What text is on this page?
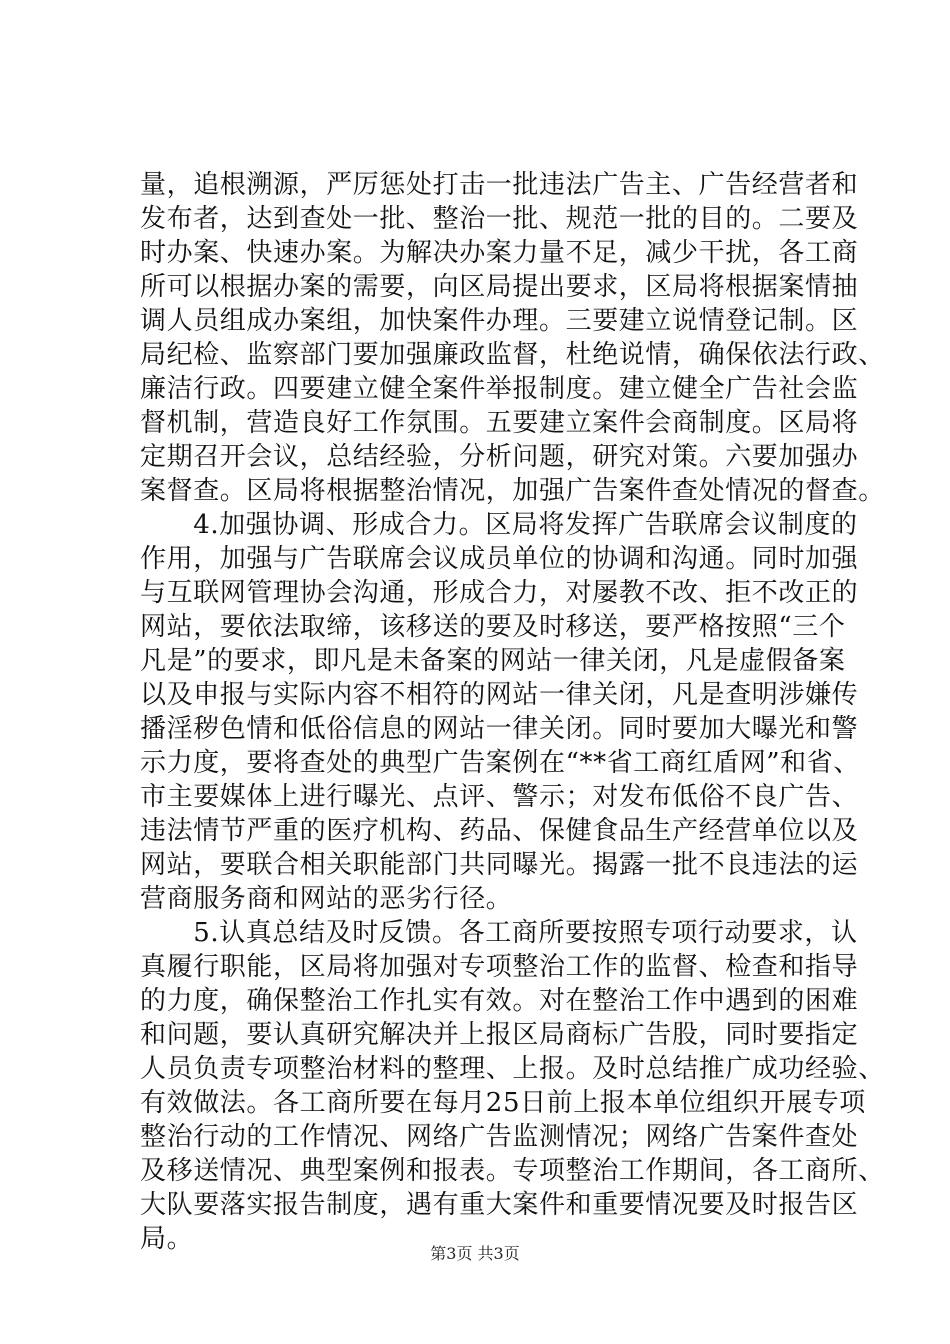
量，追根溯源，严厉惩处打击一批违法广告主、广告经营者和
发布者，达到查处一批、整治一批、规范一批的目的。二要及
时办案、快速办案。为解决办案力量不足，减少干扰，各工商
所可以根据办案的需要，向区局提出要求，区局将根据案情抽
调人员组成办案组，加快案件办理。三要建立说情登记制。区
局纪检、监察部门要加强廉政监督，杜绝说情，确保依法行政、
廉洁行政。四要建立健全案件举报制度。建立健全广告社会监
督机制，营造良好工作氛围。五要建立案件会商制度。区局将
定期召开会议，总结经验，分析问题，研究对策。六要加强办
案督查。区局将根据整治情况，加强广告案件查处情况的督查。
　　4.加强协调、形成合力。区局将发挥广告联席会议制度的
作用，加强与广告联席会议成员单位的协调和沟通。同时加强
与互联网管理协会沟通，形成合力，对屡教不改、拒不改正的
网站，要依法取缔，该移送的要及时移送，要严格按照“三个
凡是”的要求，即凡是未备案的网站一律关闭，凡是虚假备案
以及申报与实际内容不相符的网站一律关闭，凡是查明涉嫌传
播淫秽色情和低俗信息的网站一律关闭。同时要加大曝光和警
示力度，要将查处的典型广告案例在“**省工商红盾网”和省、
市主要媒体上进行曝光、点评、警示；对发布低俗不良广告、
违法情节严重的医疗机构、药品、保健食品生产经营单位以及
网站，要联合相关职能部门共同曝光。揭露一批不良违法的运
营商服务商和网站的恶劣行径。
　　5.认真总结及时反馈。各工商所要按照专项行动要求，认
真履行职能，区局将加强对专项整治工作的监督、检查和指导
的力度，确保整治工作扎实有效。对在整治工作中遇到的困难
和问题，要认真研究解决并上报区局商标广告股，同时要指定
人员负责专项整治材料的整理、上报。及时总结推广成功经验、
有效做法。各工商所要在每月25日前上报本单位组织开展专项
整治行动的工作情况、网络广告监测情况；网络广告案件查处
及移送情况、典型案例和报表。专项整治工作期间，各工商所、
大队要落实报告制度，遇有重大案件和重要情况要及时报告区
局。	第3页 共3页
